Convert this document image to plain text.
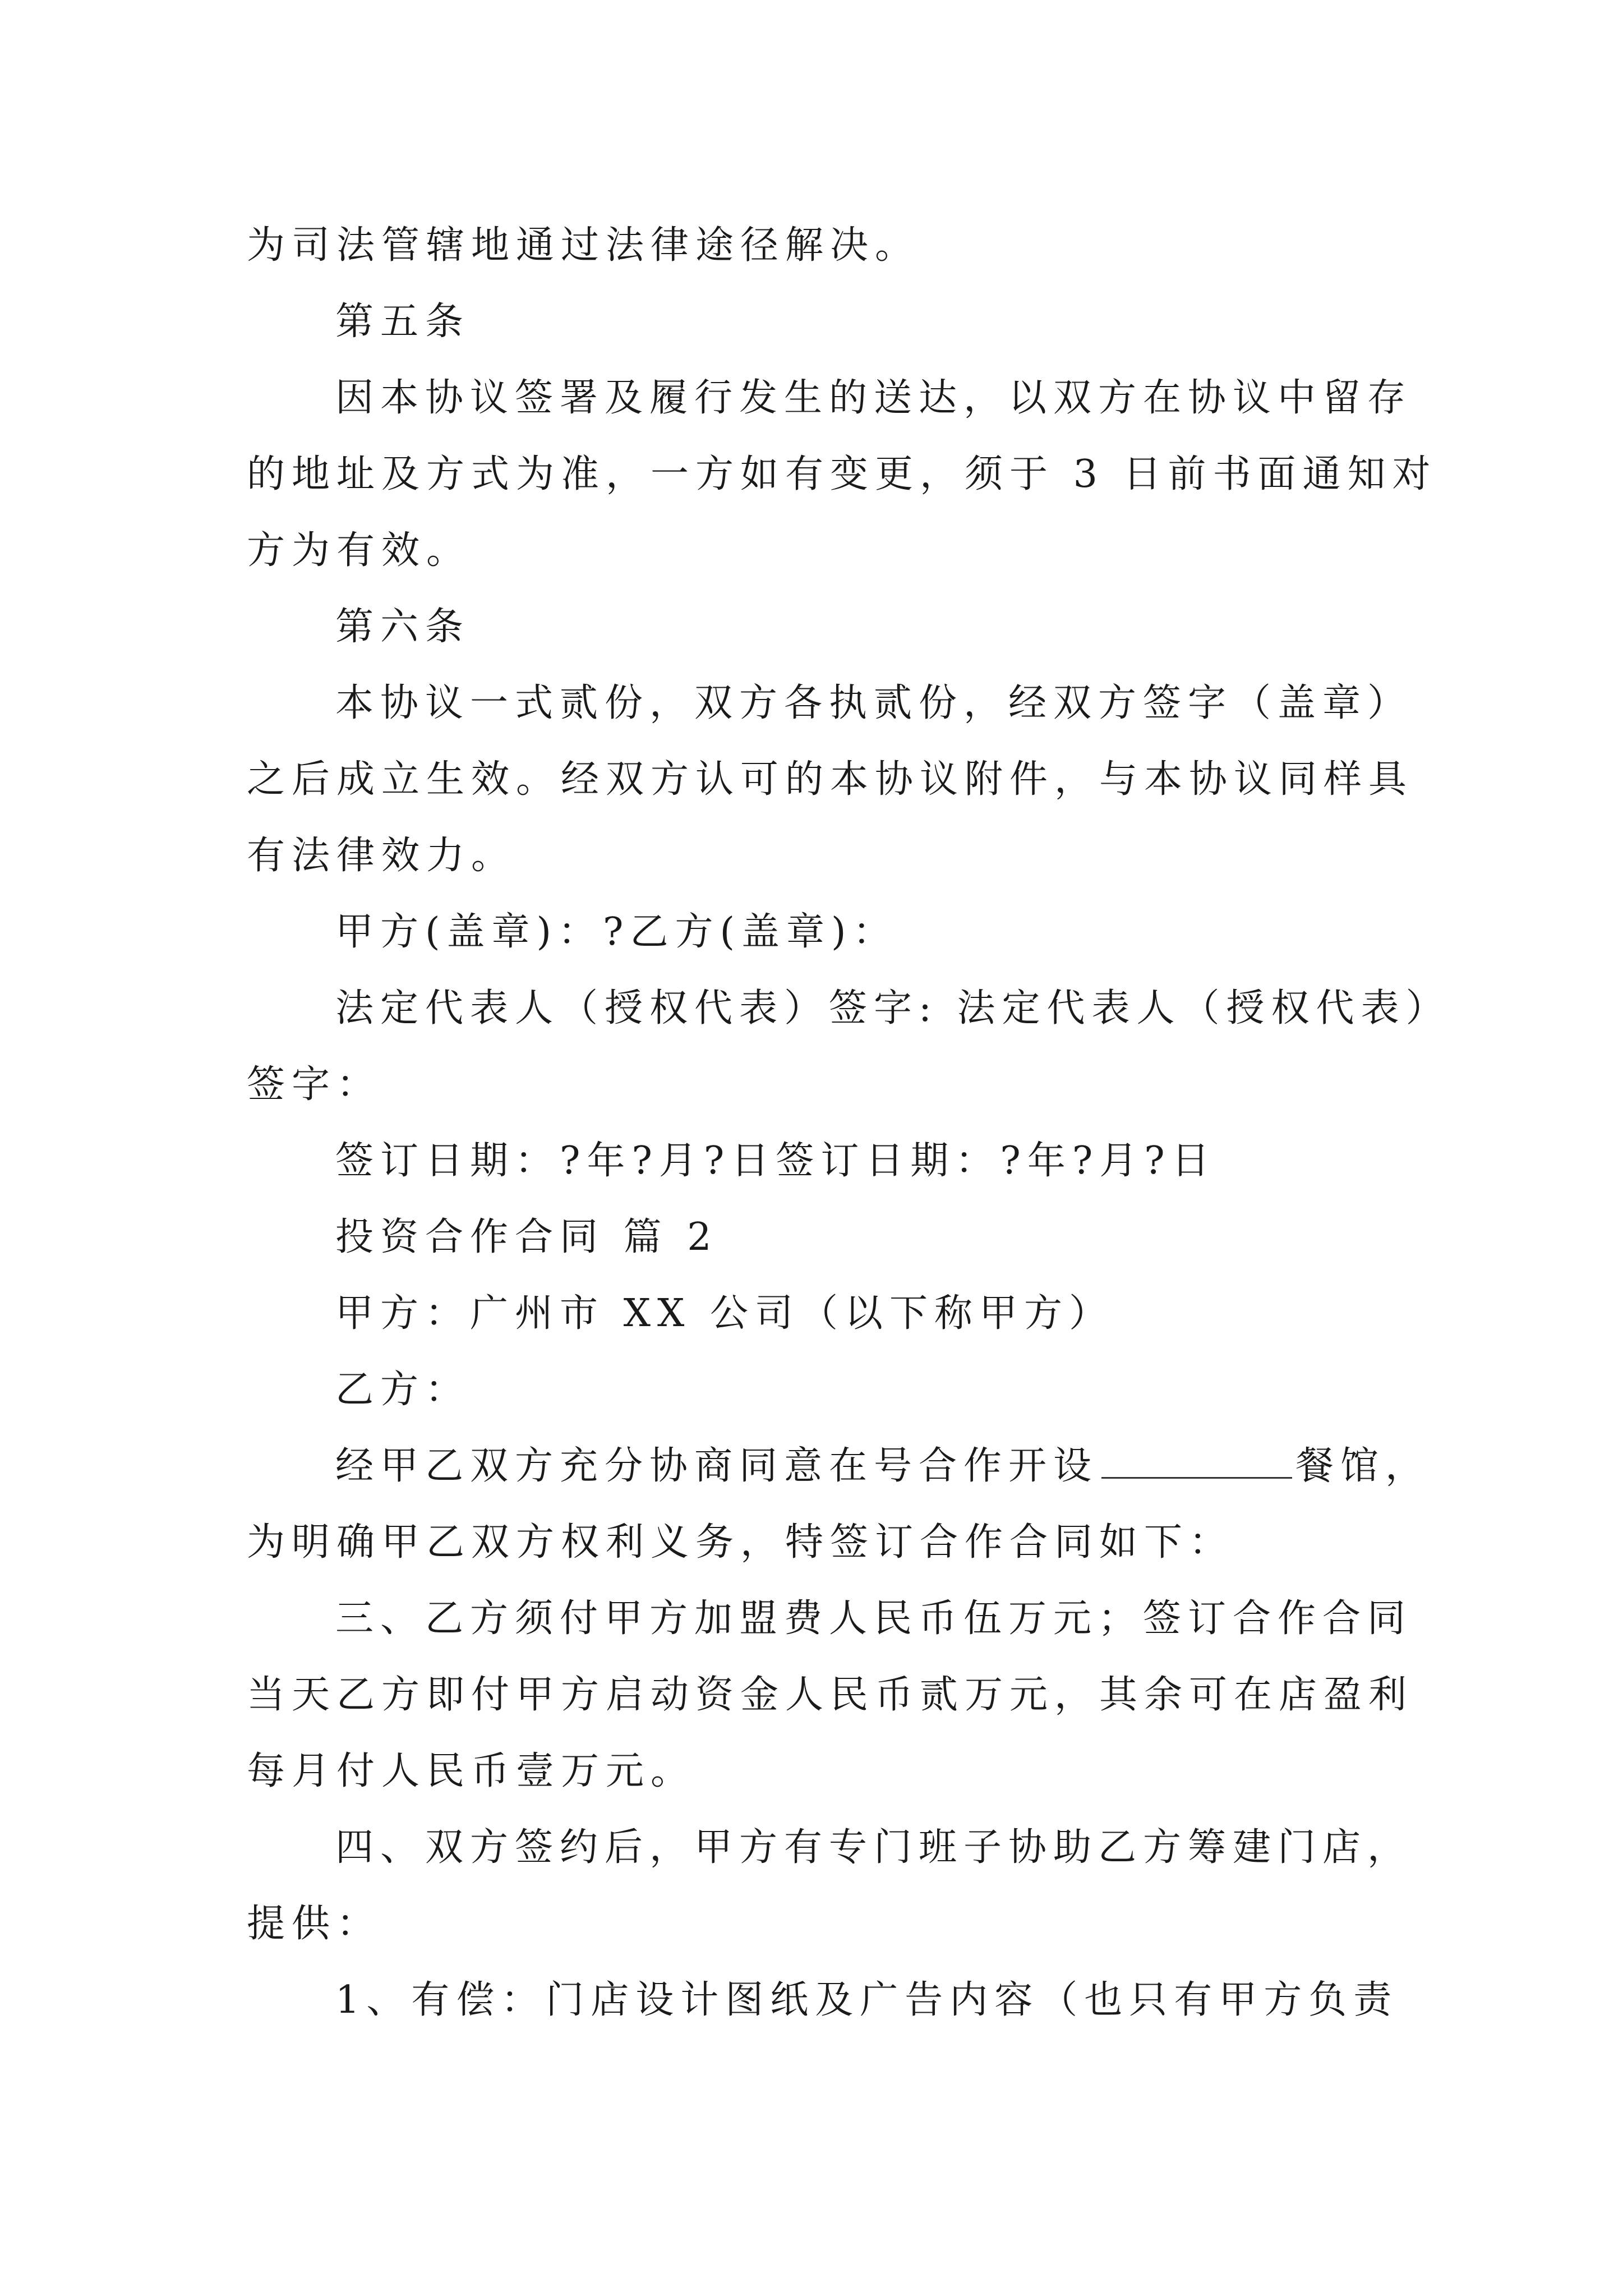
为司法管辖地通过法律途径解决。
第五条
因本协议签署及履行发生的送达，以双方在协议中留存
的地址及方式为准，一方如有变更，须于 3 日前书面通知对
方为有效。
第六条
本协议一式贰份，双方各执贰份，经双方签字（盖章）
之后成立生效。经双方认可的本协议附件，与本协议同样具
有法律效力。
甲方(盖章)：?乙方(盖章)：
法定代表人（授权代表）签字: 法定代表人（授权代表）
签字：
签订日期：?年?月?日签订日期：?年?月?日
投资合作合同 篇 2
甲方：广州市 XX 公司（以下称甲方）
乙方：
经甲乙双方充分协商同意在号合作开设	餐馆，
为明确甲乙双方权利义务，特签订合作合同如下：
三、乙方须付甲方加盟费人民币伍万元；签订合作合同
当天乙方即付甲方启动资金人民币贰万元，其余可在店盈利
每月付人民币壹万元。
四、双方签约后，甲方有专门班子协助乙方筹建门店，
提供：
1、有偿：门店设计图纸及广告内容（也只有甲方负责
